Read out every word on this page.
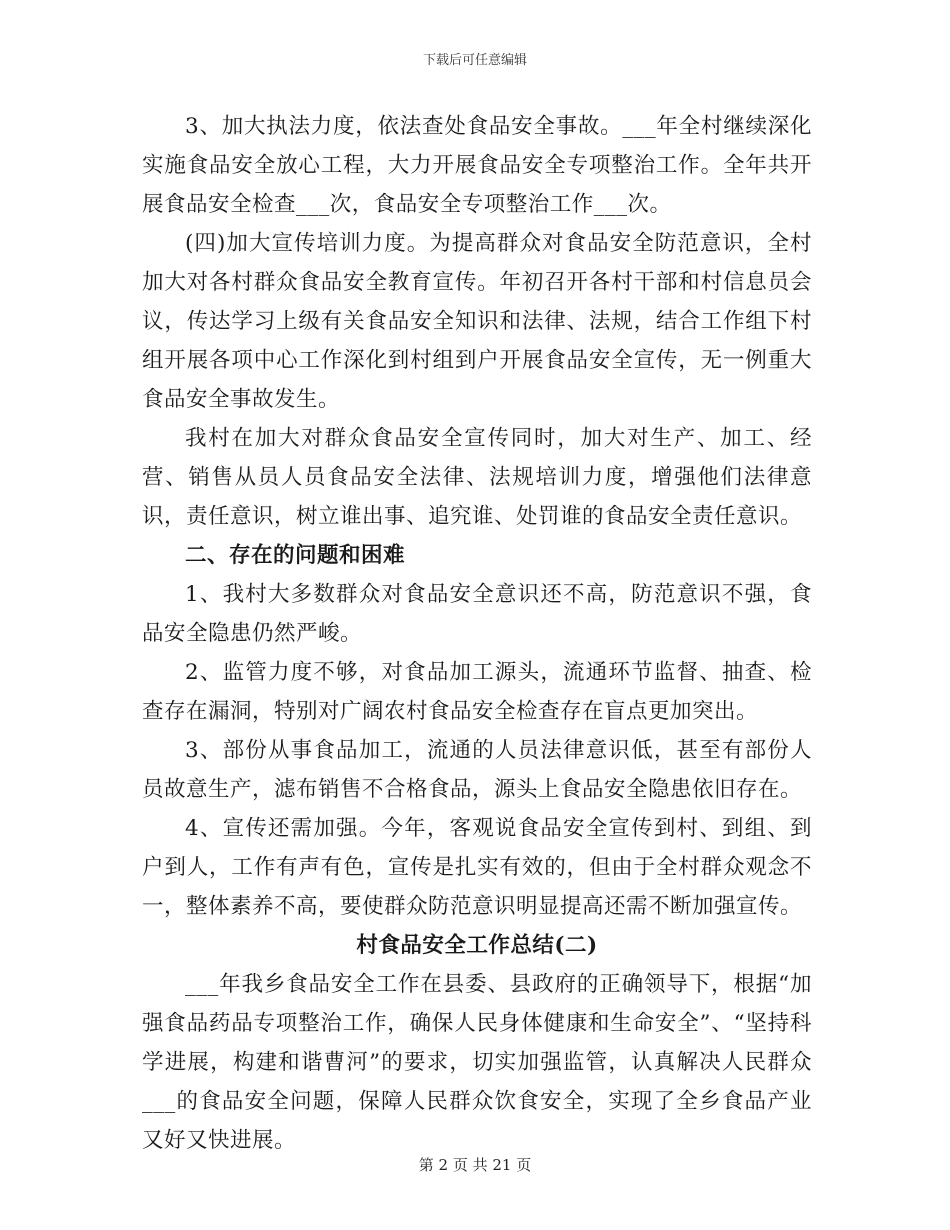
下载后可任意编辑

3、加大执法力度，依法查处食品安全事故。___年全村继续深化实施食品安全放心工程，大力开展食品安全专项整治工作。全年共开展食品安全检查___次，食品安全专项整治工作___次。

(四)加大宣传培训力度。为提高群众对食品安全防范意识，全村加大对各村群众食品安全教育宣传。年初召开各村干部和村信息员会议，传达学习上级有关食品安全知识和法律、法规，结合工作组下村组开展各项中心工作深化到村组到户开展食品安全宣传，无一例重大食品安全事故发生。

我村在加大对群众食品安全宣传同时，加大对生产、加工、经营、销售从员人员食品安全法律、法规培训力度，增强他们法律意识，责任意识，树立谁出事、追究谁、处罚谁的食品安全责任意识。

二、存在的问题和困难

1、我村大多数群众对食品安全意识还不高，防范意识不强，食品安全隐患仍然严峻。

2、监管力度不够，对食品加工源头，流通环节监督、抽查、检查存在漏洞，特别对广阔农村食品安全检查存在盲点更加突出。

3、部份从事食品加工，流通的人员法律意识低，甚至有部份人员故意生产，滤布销售不合格食品，源头上食品安全隐患依旧存在。

4、宣传还需加强。今年，客观说食品安全宣传到村、到组、到户到人，工作有声有色，宣传是扎实有效的，但由于全村群众观念不一，整体素养不高，要使群众防范意识明显提高还需不断加强宣传。

村食品安全工作总结(二)

___年我乡食品安全工作在县委、县政府的正确领导下，根据“加强食品药品专项整治工作，确保人民身体健康和生命安全”、“坚持科学进展，构建和谐曹河”的要求，切实加强监管，认真解决人民群众___的食品安全问题，保障人民群众饮食安全，实现了全乡食品产业又好又快进展。

第 2 页 共 21 页
